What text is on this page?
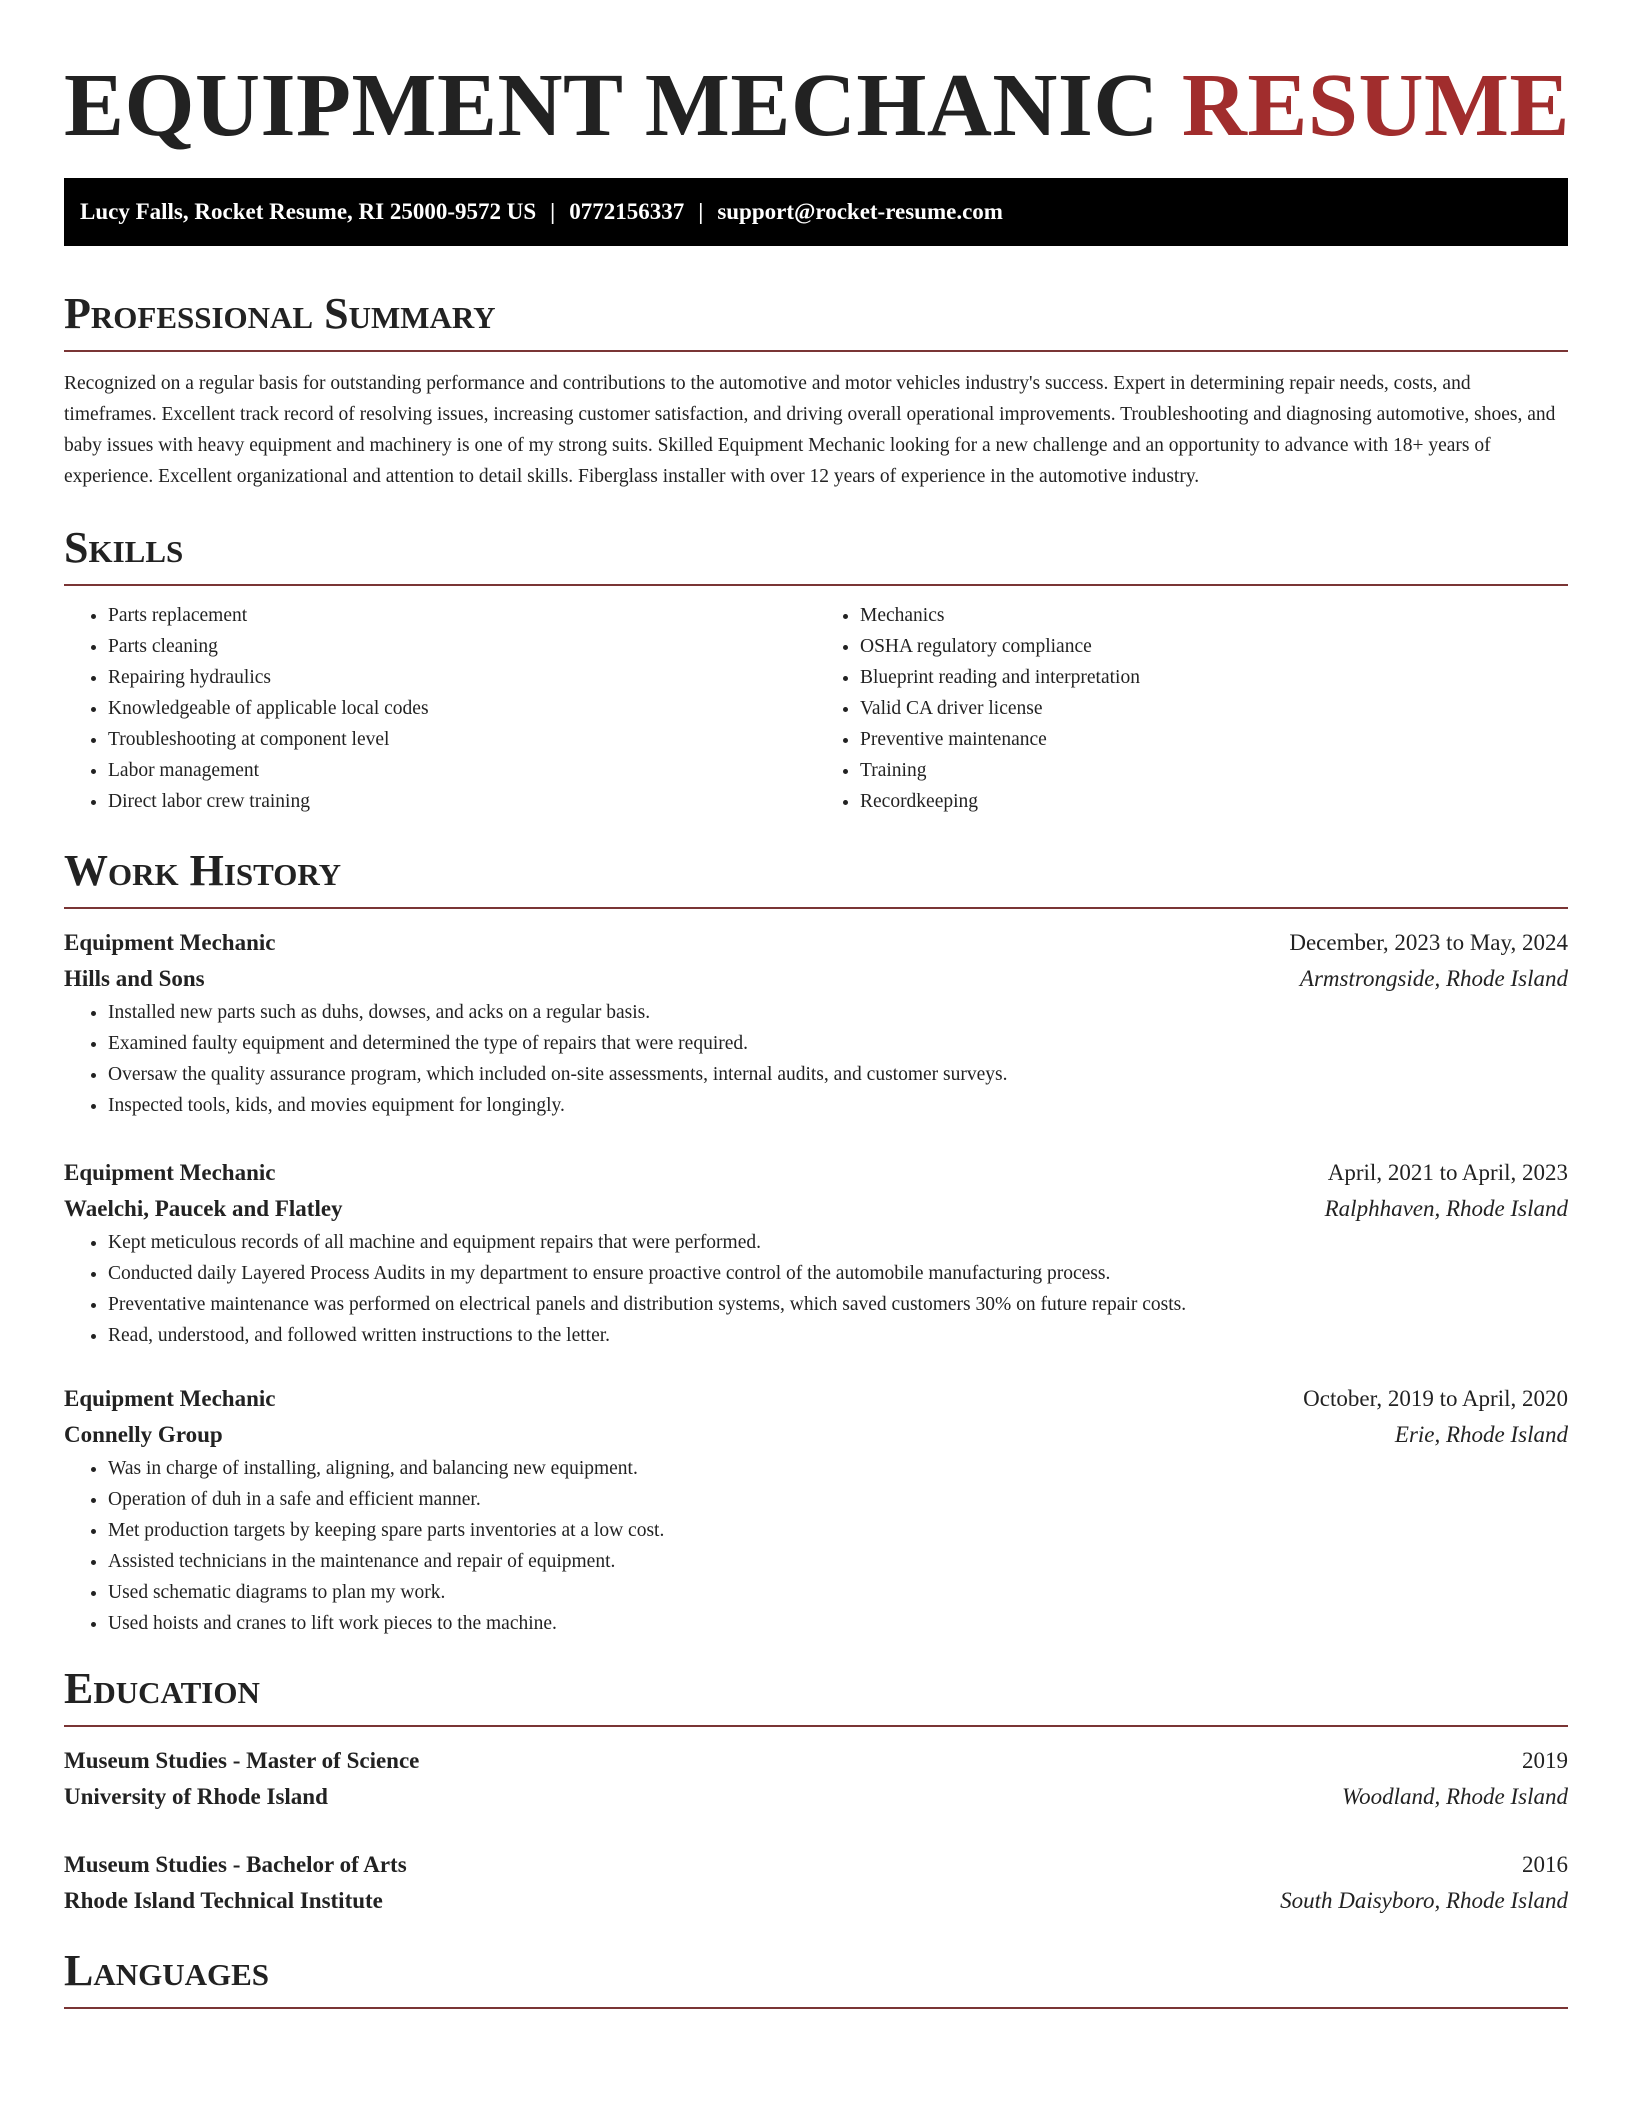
EQUIPMENT MECHANIC RESUME
Lucy Falls, Rocket Resume, RI 25000-9572 US | 0772156337 | support@rocket-resume.com
Professional Summary

Recognized on a regular basis for outstanding performance and contributions to the automotive and motor vehicles industry's success. Expert in determining repair needs, costs, and timeframes. Excellent track record of resolving issues, increasing customer satisfaction, and driving overall operational improvements. Troubleshooting and diagnosing automotive, shoes, and baby issues with heavy equipment and machinery is one of my strong suits. Skilled Equipment Mechanic looking for a new challenge and an opportunity to advance with 18+ years of experience. Excellent organizational and attention to detail skills. Fiberglass installer with over 12 years of experience in the automotive industry.

Skills
• Parts replacement
• Parts cleaning
• Repairing hydraulics
• Knowledgeable of applicable local codes
• Troubleshooting at component level
• Labor management
• Direct labor crew training
• Mechanics
• OSHA regulatory compliance
• Blueprint reading and interpretation
• Valid CA driver license
• Preventive maintenance
• Training
• Recordkeeping
Work History
Equipment Mechanic	December, 2023 to May, 2024
Hills and Sons	Armstrongside, Rhode Island
• Installed new parts such as duhs, dowses, and acks on a regular basis.
• Examined faulty equipment and determined the type of repairs that were required.
• Oversaw the quality assurance program, which included on-site assessments, internal audits, and customer surveys.
• Inspected tools, kids, and movies equipment for longingly.
Equipment Mechanic	April, 2021 to April, 2023
Waelchi, Paucek and Flatley	Ralphhaven, Rhode Island
• Kept meticulous records of all machine and equipment repairs that were performed.
• Conducted daily Layered Process Audits in my department to ensure proactive control of the automobile manufacturing process.
• Preventative maintenance was performed on electrical panels and distribution systems, which saved customers 30% on future repair costs.
• Read, understood, and followed written instructions to the letter.
Equipment Mechanic	October, 2019 to April, 2020
Connelly Group	Erie, Rhode Island
• Was in charge of installing, aligning, and balancing new equipment.
• Operation of duh in a safe and efficient manner.
• Met production targets by keeping spare parts inventories at a low cost.
• Assisted technicians in the maintenance and repair of equipment.
• Used schematic diagrams to plan my work.
• Used hoists and cranes to lift work pieces to the machine.
Education
Museum Studies - Master of Science	2019
University of Rhode Island	Woodland, Rhode Island
Museum Studies - Bachelor of Arts	2016
Rhode Island Technical Institute	South Daisyboro, Rhode Island
Languages
